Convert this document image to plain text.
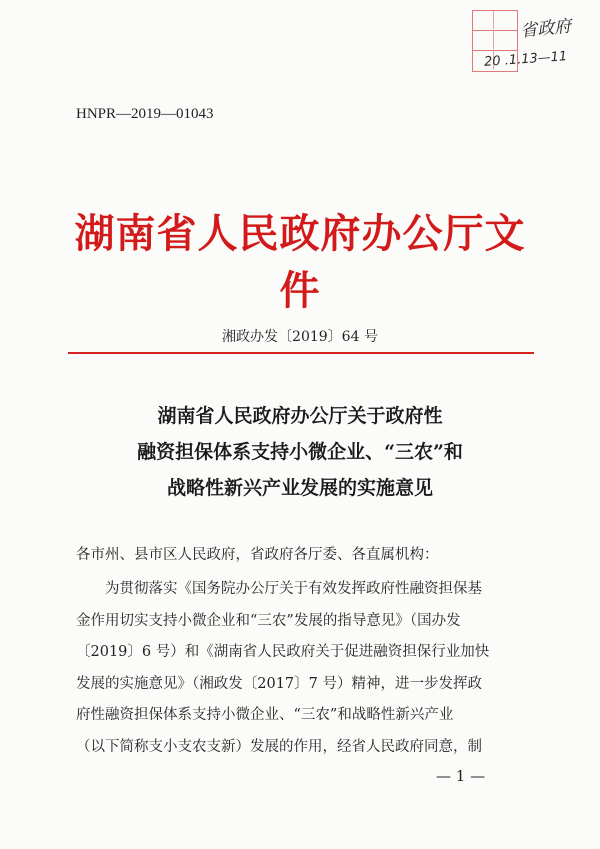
省政府
20 .1.13—11
HNPR—2019—01043
湖南省人民政府办公厅文件
湘政办发〔2019〕64 号
湖南省人民政府办公厅关于政府性
融资担保体系支持小微企业、“三农”和
战略性新兴产业发展的实施意见
各市州、县市区人民政府，省政府各厅委、各直属机构：
为贯彻落实《国务院办公厅关于有效发挥政府性融资担保基
金作用切实支持小微企业和“三农”发展的指导意见》（国办发
〔2019〕6 号）和《湖南省人民政府关于促进融资担保行业加快
发展的实施意见》（湘政发〔2017〕7 号）精神，进一步发挥政
府性融资担保体系支持小微企业、“三农”和战略性新兴产业
（以下简称支小支农支新）发展的作用，经省人民政府同意，制
— 1 —
